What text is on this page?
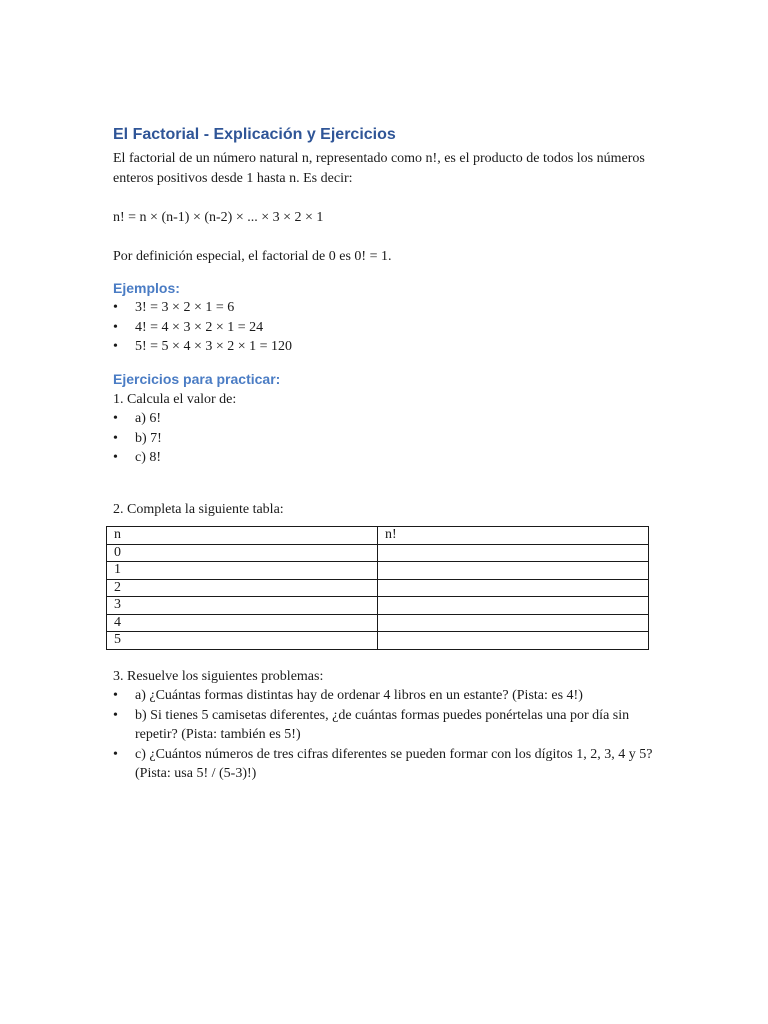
El Factorial - Explicación y Ejercicios

El factorial de un número natural n, representado como n!, es el producto de todos los números enteros positivos desde 1 hasta n. Es decir:

n! = n × (n-1) × (n-2) × ... × 3 × 2 × 1

Por definición especial, el factorial de 0 es 0! = 1.

Ejemplos:
•	3! = 3 × 2 × 1 = 6
•	4! = 4 × 3 × 2 × 1 = 24
•	5! = 5 × 4 × 3 × 2 × 1 = 120
Ejercicios para practicar:

1. Calcula el valor de:

•	a) 6!
•	b) 7!
•	c) 8!

2. Completa la siguiente tabla:

n	n!
0	
1	
2	
3	
4	
5	

3. Resuelve los siguientes problemas:

•	a) ¿Cuántas formas distintas hay de ordenar 4 libros en un estante? (Pista: es 4!)
•	b) Si tienes 5 camisetas diferentes, ¿de cuántas formas puedes ponértelas una por día sin repetir? (Pista: también es 5!)
•	c) ¿Cuántos números de tres cifras diferentes se pueden formar con los dígitos 1, 2, 3, 4 y 5? (Pista: usa 5! / (5-3)!)
